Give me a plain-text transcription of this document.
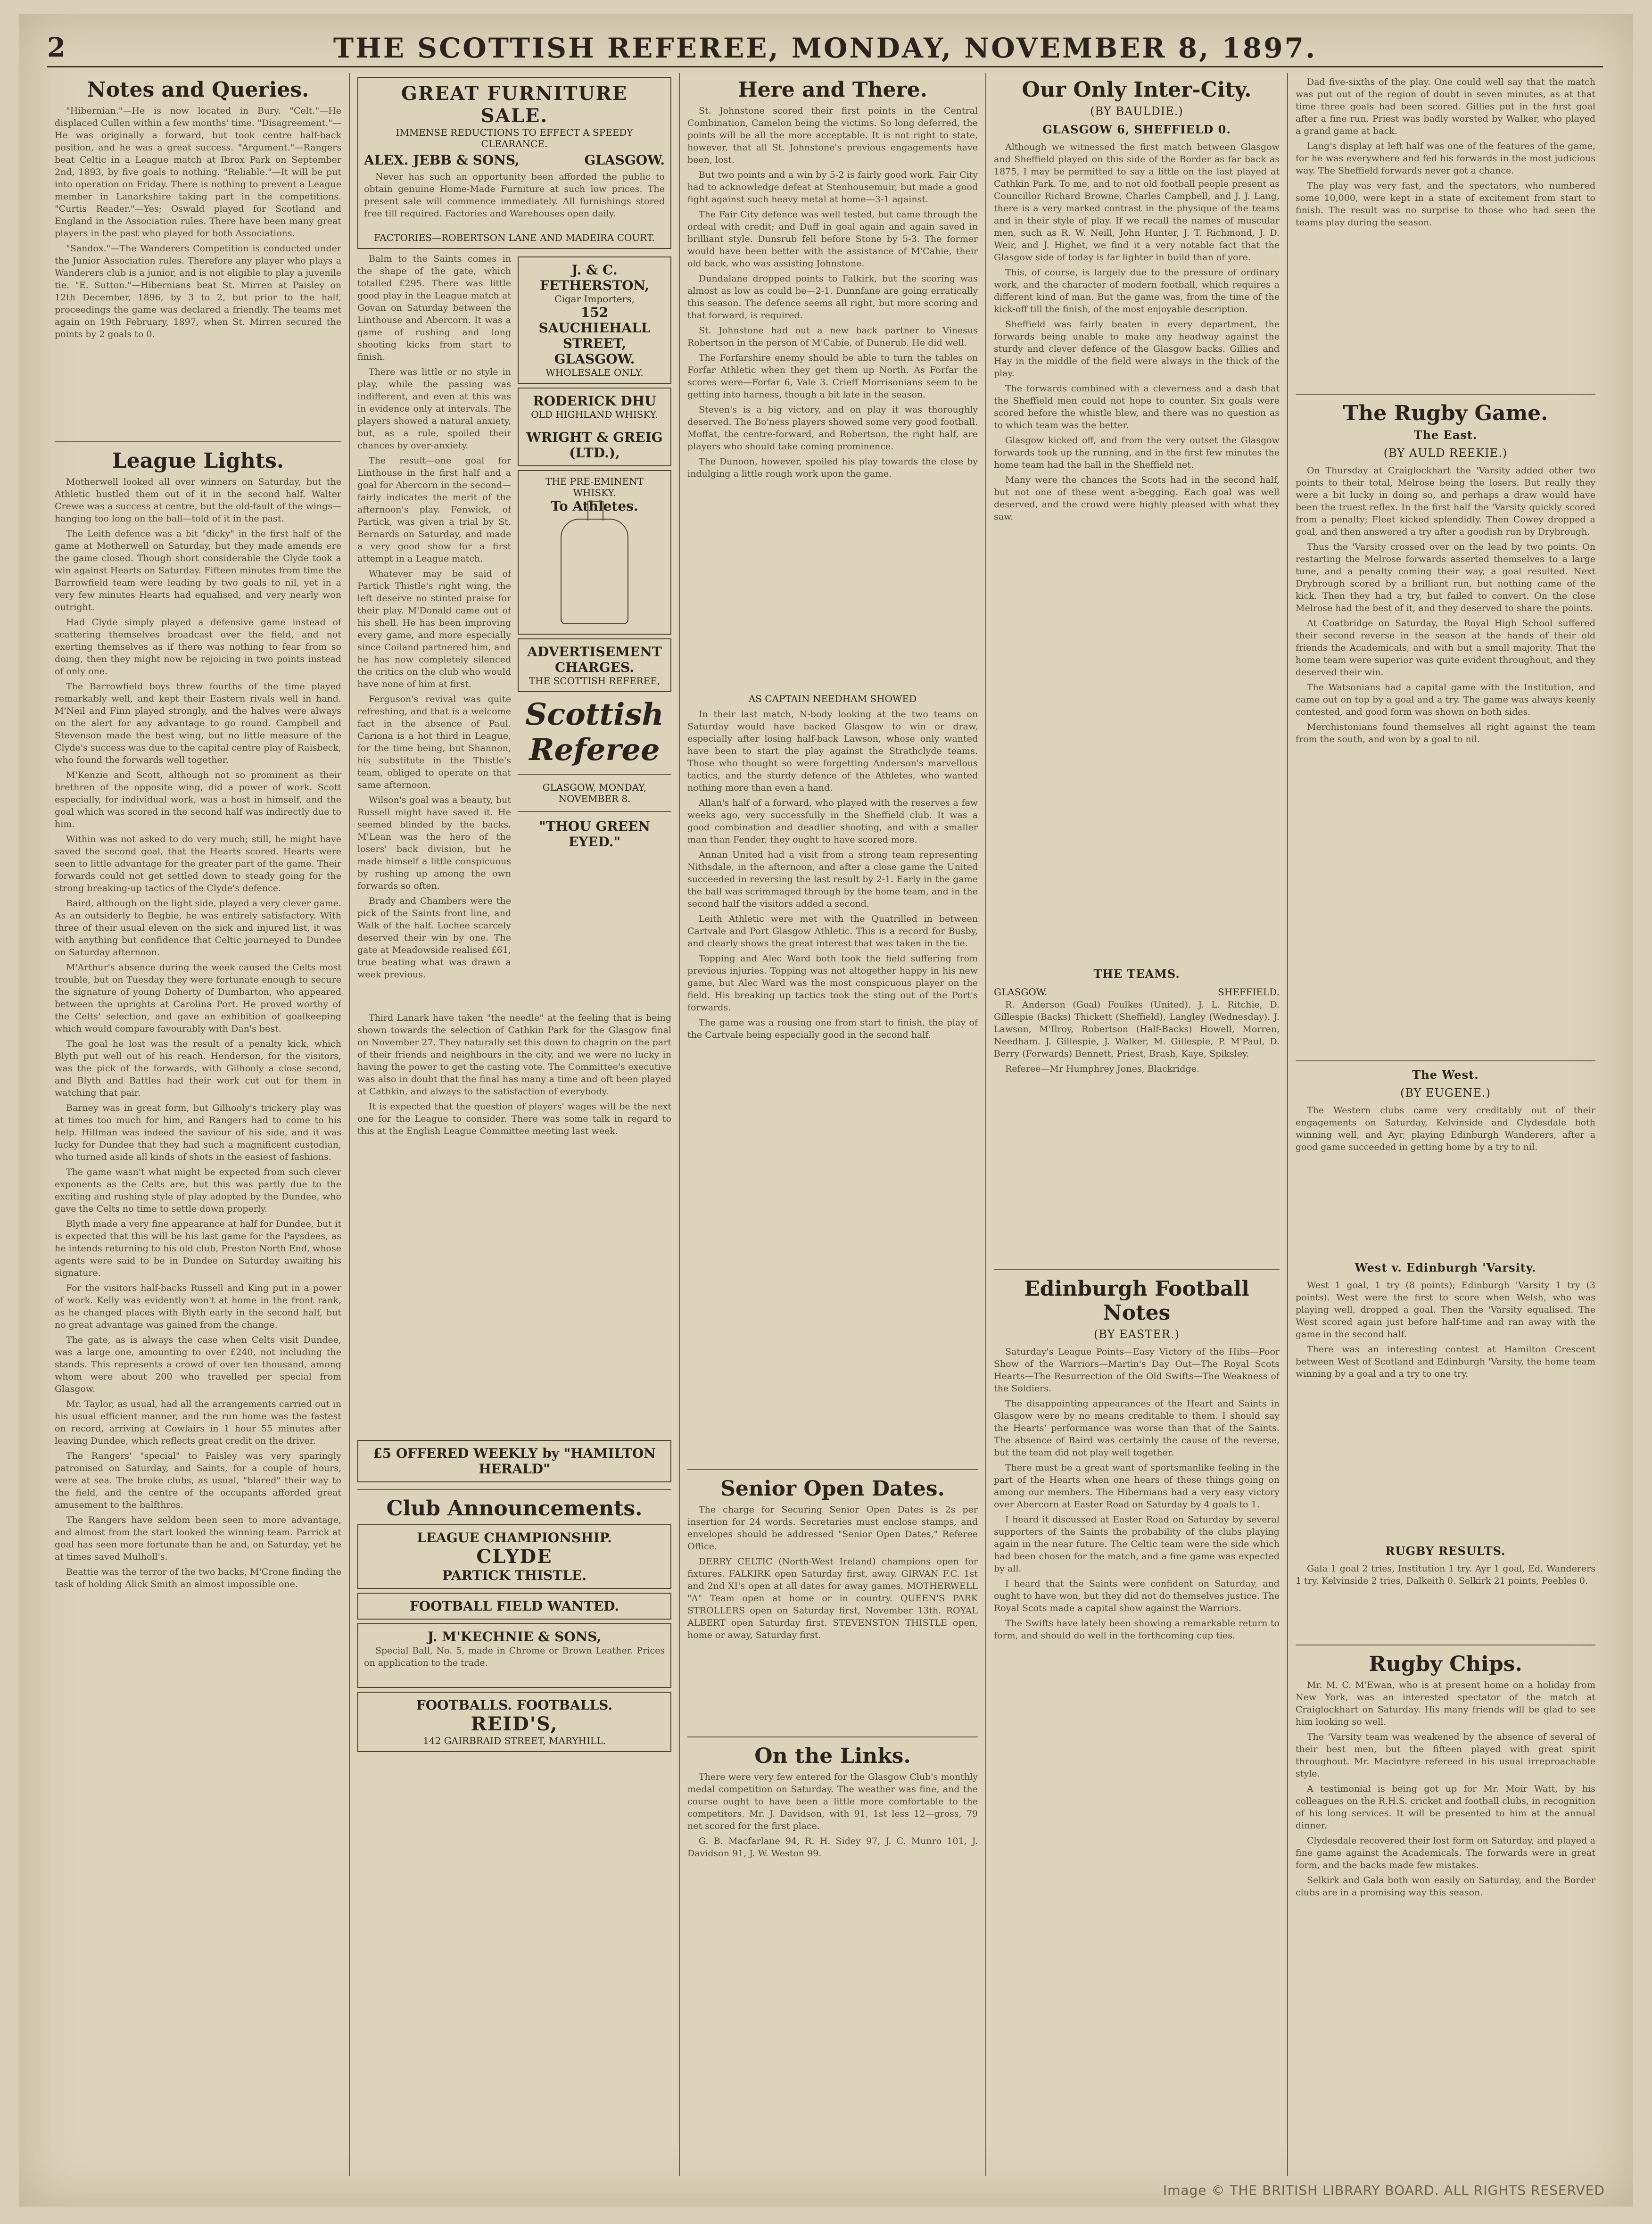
2	THE SCOTTISH REFEREE, MONDAY, NOVEMBER 8, 1897.
Notes and Queries.

"Hibernian."—He is now located in Bury. "Celt."—He displaced Cullen within a few months' time. "Disagreement."—He was originally a forward, but took centre half-back position, and he was a great success. "Argument."—Rangers beat Celtic in a League match at Ibrox Park on September 2nd, 1893, by five goals to nothing. "Reliable."—It will be put into operation on Friday. There is nothing to prevent a League member in Lanarkshire taking part in the competitions. "Curtis Reader."—Yes; Oswald played for Scotland and England in the Association rules. There have been many great players in the past who played for both Associations.

"Sandox."—The Wanderers Competition is conducted under the Junior Association rules. Therefore any player who plays a Wanderers club is a junior, and is not eligible to play a juvenile tie. "E. Sutton."—Hibernians beat St. Mirren at Paisley on 12th December, 1896, by 3 to 2, but prior to the half, proceedings the game was declared a friendly. The teams met again on 19th February, 1897, when St. Mirren secured the points by 2 goals to 0.

League Lights.

Motherwell looked all over winners on Saturday, but the Athletic hustled them out of it in the second half. Walter Crewe was a success at centre, but the old-fault of the wings—hanging too long on the ball—told of it in the past.

The Leith defence was a bit "dicky" in the first half of the game at Motherwell on Saturday, but they made amends ere the game closed. Though short considerable the Clyde took a win against Hearts on Saturday. Fifteen minutes from time the Barrowfield team were leading by two goals to nil, yet in a very few minutes Hearts had equalised, and very nearly won outright.

Had Clyde simply played a defensive game instead of scattering themselves broadcast over the field, and not exerting themselves as if there was nothing to fear from so doing, then they might now be rejoicing in two points instead of only one.

The Barrowfield boys threw fourths of the time played remarkably well, and kept their Eastern rivals well in hand. M'Neil and Finn played strongly, and the halves were always on the alert for any advantage to go round. Campbell and Stevenson made the best wing, but no little measure of the Clyde's success was due to the capital centre play of Raisbeck, who found the forwards well together.

M'Kenzie and Scott, although not so prominent as their brethren of the opposite wing, did a power of work. Scott especially, for individual work, was a host in himself, and the goal which was scored in the second half was indirectly due to him.

Within was not asked to do very much; still, he might have saved the second goal, that the Hearts scored. Hearts were seen to little advantage for the greater part of the game. Their forwards could not get settled down to steady going for the strong breaking-up tactics of the Clyde's defence.

Baird, although on the light side, played a very clever game. As an outsiderly to Begbie, he was entirely satisfactory. With three of their usual eleven on the sick and injured list, it was with anything but confidence that Celtic journeyed to Dundee on Saturday afternoon.

M'Arthur's absence during the week caused the Celts most trouble, but on Tuesday they were fortunate enough to secure the signature of young Doherty of Dumbarton, who appeared between the uprights at Carolina Port. He proved worthy of the Celts' selection, and gave an exhibition of goalkeeping which would compare favourably with Dan's best.

The goal he lost was the result of a penalty kick, which Blyth put well out of his reach. Henderson, for the visitors, was the pick of the forwards, with Gilhooly a close second, and Blyth and Battles had their work cut out for them in watching that pair.

Barney was in great form, but Gilhooly's trickery play was at times too much for him, and Rangers had to come to his help. Hillman was indeed the saviour of his side, and it was lucky for Dundee that they had such a magnificent custodian, who turned aside all kinds of shots in the easiest of fashions.

The game wasn't what might be expected from such clever exponents as the Celts are, but this was partly due to the exciting and rushing style of play adopted by the Dundee, who gave the Celts no time to settle down properly.

Blyth made a very fine appearance at half for Dundee, but it is expected that this will be his last game for the Paysdees, as he intends returning to his old club, Preston North End, whose agents were said to be in Dundee on Saturday awaiting his signature.

For the visitors half-backs Russell and King put in a power of work. Kelly was evidently won't at home in the front rank, as he changed places with Blyth early in the second half, but no great advantage was gained from the change.

The gate, as is always the case when Celts visit Dundee, was a large one, amounting to over £240, not including the stands. This represents a crowd of over ten thousand, among whom were about 200 who travelled per special from Glasgow.

Mr. Taylor, as usual, had all the arrangements carried out in his usual efficient manner, and the run home was the fastest on record, arriving at Cowlairs in 1 hour 55 minutes after leaving Dundee, which reflects great credit on the driver.

The Rangers' "special" to Paisley was very sparingly patronised on Saturday, and Saints, for a couple of hours, were at sea. The broke clubs, as usual, "blared" their way to the field, and the centre of the occupants afforded great amusement to the balfthros.

The Rangers have seldom been seen to more advantage, and almost from the start looked the winning team. Parrick at goal has seen more fortunate than he and, on Saturday, yet he at times saved Mulholl's.

Beattie was the terror of the two backs, M'Crone finding the task of holding Alick Smith an almost impossible one.

GREAT FURNITURE SALE.
IMMENSE REDUCTIONS TO EFFECT A SPEEDY CLEARANCE.
ALEX. JEBB & SONS,	GLASGOW.

Never has such an opportunity been afforded the public to obtain genuine Home-Made Furniture at such low prices. The present sale will commence immediately. All furnishings stored free till required. Factories and Warehouses open daily.

FACTORIES—ROBERTSON LANE AND MADEIRA COURT.

Balm to the Saints comes in the shape of the gate, which totalled £295. There was little good play in the League match at Govan on Saturday between the Linthouse and Abercorn. It was a game of rushing and long shooting kicks from start to finish.

There was little or no style in play, while the passing was indifferent, and even at this was in evidence only at intervals. The players showed a natural anxiety, but, as a rule, spoiled their chances by over-anxiety.

The result—one goal for Linthouse in the first half and a goal for Abercorn in the second—fairly indicates the merit of the afternoon's play. Fenwick, of Partick, was given a trial by St. Bernards on Saturday, and made a very good show for a first attempt in a League match.

Whatever may be said of Partick Thistle's right wing, the left deserve no stinted praise for their play. M'Donald came out of his shell. He has been improving every game, and more especially since Coiland partnered him, and he has now completely silenced the critics on the club who would have none of him at first.

Ferguson's revival was quite refreshing, and that is a welcome fact in the absence of Paul. Cariona is a hot third in League, for the time being, but Shannon, his substitute in the Thistle's team, obliged to operate on that same afternoon.

Wilson's goal was a beauty, but Russell might have saved it. He seemed blinded by the backs. M'Lean was the hero of the losers' back division, but he made himself a little conspicuous by rushing up among the own forwards so often.

Brady and Chambers were the pick of the Saints front line, and Walk of the half. Lochee scarcely deserved their win by one. The gate at Meadowside realised £61, true beating what was drawn a week previous.

J. & C. FETHERSTON,
Cigar Importers,
152 SAUCHIEHALL STREET,
GLASGOW.
WHOLESALE ONLY.
RODERICK DHU
OLD HIGHLAND WHISKY.
WRIGHT & GREIG (LTD.),
THE PRE-EMINENT WHISKY.
To Athletes.
ADVERTISEMENT CHARGES.
THE SCOTTISH REFEREE,
Scottish Referee
GLASGOW, MONDAY, NOVEMBER 8.
"THOU GREEN EYED."

Third Lanark have taken "the needle" at the feeling that is being shown towards the selection of Cathkin Park for the Glasgow final on November 27. They naturally set this down to chagrin on the part of their friends and neighbours in the city, and we were no lucky in having the power to get the casting vote. The Committee's executive was also in doubt that the final has many a time and oft been played at Cathkin, and always to the satisfaction of everybody.

It is expected that the question of players' wages will be the next one for the League to consider. There was some talk in regard to this at the English League Committee meeting last week.

£5 OFFERED WEEKLY by "HAMILTON HERALD"
Club Announcements.
LEAGUE CHAMPIONSHIP.
CLYDE
PARTICK THISTLE.
FOOTBALL FIELD WANTED.
J. M'KECHNIE & SONS,

Special Ball, No. 5, made in Chrome or Brown Leather. Prices on application to the trade.

FOOTBALLS. FOOTBALLS.
REID'S,
142 GAIRBRAID STREET, MARYHILL.
Here and There.

St. Johnstone scored their first points in the Central Combination, Camelon being the victims. So long deferred, the points will be all the more acceptable. It is not right to state, however, that all St. Johnstone's previous engagements have been, lost.

But two points and a win by 5-2 is fairly good work. Fair City had to acknowledge defeat at Stenhousemuir, but made a good fight against such heavy metal at home—3-1 against.

The Fair City defence was well tested, but came through the ordeal with credit; and Duff in goal again and again saved in brilliant style. Dunsrub fell before Stone by 5-3. The former would have been better with the assistance of M'Cahie, their old back, who was assisting Johnstone.

Dundalane dropped points to Falkirk, but the scoring was almost as low as could be—2-1. Dunnfane are going erratically this season. The defence seems all right, but more scoring and that forward, is required.

St. Johnstone had out a new back partner to Vinesus Robertson in the person of M'Cabie, of Dunerub. He did well.

The Forfarshire enemy should be able to turn the tables on Forfar Athletic when they get them up North. As Forfar the scores were—Forfar 6, Vale 3. Crieff Morrisonians seem to be getting into harness, though a bit late in the season.

Steven's is a big victory, and on play it was thoroughly deserved. The Bo'ness players showed some very good football. Moffat, the centre-forward, and Robertson, the right half, are players who should take coming prominence.

The Dunoon, however, spoiled his play towards the close by indulging a little rough work upon the game.

AS CAPTAIN NEEDHAM SHOWED

In their last match, N-body looking at the two teams on Saturday would have backed Glasgow to win or draw, especially after losing half-back Lawson, whose only wanted have been to start the play against the Strathclyde teams. Those who thought so were forgetting Anderson's marvellous tactics, and the sturdy defence of the Athletes, who wanted nothing more than even a hand.

Allan's half of a forward, who played with the reserves a few weeks ago, very successfully in the Sheffield club. It was a good combination and deadlier shooting, and with a smaller man than Fender, they ought to have scored more.

Annan United had a visit from a strong team representing Nithsdale, in the afternoon, and after a close game the United succeeded in reversing the last result by 2-1. Early in the game the ball was scrimmaged through by the home team, and in the second half the visitors added a second.

Leith Athletic were met with the Quatrilled in between Cartvale and Port Glasgow Athletic. This is a record for Busby, and clearly shows the great interest that was taken in the tie.

Topping and Alec Ward both took the field suffering from previous injuries. Topping was not altogether happy in his new game, but Alec Ward was the most conspicuous player on the field. His breaking up tactics took the sting out of the Port's forwards.

The game was a rousing one from start to finish, the play of the Cartvale being especially good in the second half.

Senior Open Dates.

The charge for Securing Senior Open Dates is 2s per insertion for 24 words. Secretaries must enclose stamps, and envelopes should be addressed "Senior Open Dates," Referee Office.

DERRY CELTIC (North-West Ireland) champions open for fixtures. FALKIRK open Saturday first, away. GIRVAN F.C. 1st and 2nd XI's open at all dates for away games. MOTHERWELL "A" Team open at home or in country. QUEEN'S PARK STROLLERS open on Saturday first, November 13th. ROYAL ALBERT open Saturday first. STEVENSTON THISTLE open, home or away, Saturday first.

On the Links.

There were very few entered for the Glasgow Club's monthly medal competition on Saturday. The weather was fine, and the course ought to have been a little more comfortable to the competitors. Mr. J. Davidson, with 91, 1st less 12—gross, 79 net scored for the first place.

G. B. Macfarlane 94, R. H. Sidey 97, J. C. Munro 101, J. Davidson 91, J. W. Weston 99.

Our Only Inter-City.
(BY BAULDIE.)
GLASGOW 6, SHEFFIELD 0.

Although we witnessed the first match between Glasgow and Sheffield played on this side of the Border as far back as 1875, I may be permitted to say a little on the last played at Cathkin Park. To me, and to not old football people present as Councillor Richard Browne, Charles Campbell, and J. J. Lang, there is a very marked contrast in the physique of the teams and in their style of play. If we recall the names of muscular men, such as R. W. Neill, John Hunter, J. T. Richmond, J. D. Weir, and J. Highet, we find it a very notable fact that the Glasgow side of today is far lighter in build than of yore.

This, of course, is largely due to the pressure of ordinary work, and the character of modern football, which requires a different kind of man. But the game was, from the time of the kick-off till the finish, of the most enjoyable description.

Sheffield was fairly beaten in every department, the forwards being unable to make any headway against the sturdy and clever defence of the Glasgow backs. Gillies and Hay in the middle of the field were always in the thick of the play.

The forwards combined with a cleverness and a dash that the Sheffield men could not hope to counter. Six goals were scored before the whistle blew, and there was no question as to which team was the better.

Glasgow kicked off, and from the very outset the Glasgow forwards took up the running, and in the first few minutes the home team had the ball in the Sheffield net.

Many were the chances the Scots had in the second half, but not one of these went a-begging. Each goal was well deserved, and the crowd were highly pleased with what they saw.

THE TEAMS.
GLASGOW.	SHEFFIELD.

R. Anderson (Goal) Foulkes (United). J. L. Ritchie, D. Gillespie (Backs) Thickett (Sheffield), Langley (Wednesday). J. Lawson, M'Ilroy, Robertson (Half-Backs) Howell, Morren, Needham. J. Gillespie, J. Walker, M. Gillespie, P. M'Paul, D. Berry (Forwards) Bennett, Priest, Brash, Kaye, Spiksley.

Referee—Mr Humphrey Jones, Blackridge.

Edinburgh Football Notes
(BY EASTER.)

Saturday's League Points—Easy Victory of the Hibs—Poor Show of the Warriors—Martin's Day Out—The Royal Scots Hearts—The Resurrection of the Old Swifts—The Weakness of the Soldiers.

The disappointing appearances of the Heart and Saints in Glasgow were by no means creditable to them. I should say the Hearts' performance was worse than that of the Saints. The absence of Baird was certainly the cause of the reverse, but the team did not play well together.

There must be a great want of sportsmanlike feeling in the part of the Hearts when one hears of these things going on among our members. The Hibernians had a very easy victory over Abercorn at Easter Road on Saturday by 4 goals to 1.

I heard it discussed at Easter Road on Saturday by several supporters of the Saints the probability of the clubs playing again in the near future. The Celtic team were the side which had been chosen for the match, and a fine game was expected by all.

I heard that the Saints were confident on Saturday, and ought to have won, but they did not do themselves justice. The Royal Scots made a capital show against the Warriors.

The Swifts have lately been showing a remarkable return to form, and should do well in the forthcoming cup ties.

Dad five-sixths of the play. One could well say that the match was put out of the region of doubt in seven minutes, as at that time three goals had been scored. Gillies put in the first goal after a fine run. Priest was badly worsted by Walker, who played a grand game at back.

Lang's display at left half was one of the features of the game, for he was everywhere and fed his forwards in the most judicious way. The Sheffield forwards never got a chance.

The play was very fast, and the spectators, who numbered some 10,000, were kept in a state of excitement from start to finish. The result was no surprise to those who had seen the teams play during the season.

The Rugby Game.
The East.
(BY AULD REEKIE.)

On Thursday at Craiglockhart the 'Varsity added other two points to their total, Melrose being the losers. But really they were a bit lucky in doing so, and perhaps a draw would have been the truest reflex. In the first half the 'Varsity quickly scored from a penalty; Fleet kicked splendidly. Then Cowey dropped a goal, and then answered a try after a goodish run by Drybrough.

Thus the 'Varsity crossed over on the lead by two points. On restarting the Melrose forwards asserted themselves to a large tune, and a penalty coming their way, a goal resulted. Next Drybrough scored by a brilliant run, but nothing came of the kick. Then they had a try, but failed to convert. On the close Melrose had the best of it, and they deserved to share the points.

At Coatbridge on Saturday, the Royal High School suffered their second reverse in the season at the hands of their old friends the Academicals, and with but a small majority. That the home team were superior was quite evident throughout, and they deserved their win.

The Watsonians had a capital game with the Institution, and came out on top by a goal and a try. The game was always keenly contested, and good form was shown on both sides.

Merchistonians found themselves all right against the team from the south, and won by a goal to nil.

The West.
(BY EUGENE.)

The Western clubs came very creditably out of their engagements on Saturday, Kelvinside and Clydesdale both winning well, and Ayr, playing Edinburgh Wanderers, after a good game succeeded in getting home by a try to nil.

West v. Edinburgh 'Varsity.

West 1 goal, 1 try (8 points); Edinburgh 'Varsity 1 try (3 points). West were the first to score when Welsh, who was playing well, dropped a goal. Then the 'Varsity equalised. The West scored again just before half-time and ran away with the game in the second half.

There was an interesting contest at Hamilton Crescent between West of Scotland and Edinburgh 'Varsity, the home team winning by a goal and a try to one try.

RUGBY RESULTS.

Gala 1 goal 2 tries, Institution 1 try. Ayr 1 goal, Ed. Wanderers 1 try. Kelvinside 2 tries, Dalkeith 0. Selkirk 21 points, Peebles 0.

Rugby Chips.

Mr. M. C. M'Ewan, who is at present home on a holiday from New York, was an interested spectator of the match at Craiglockhart on Saturday. His many friends will be glad to see him looking so well.

The 'Varsity team was weakened by the absence of several of their best men, but the fifteen played with great spirit throughout. Mr. Macintyre refereed in his usual irreproachable style.

A testimonial is being got up for Mr. Moir Watt, by his colleagues on the R.H.S. cricket and football clubs, in recognition of his long services. It will be presented to him at the annual dinner.

Clydesdale recovered their lost form on Saturday, and played a fine game against the Academicals. The forwards were in great form, and the backs made few mistakes.

Selkirk and Gala both won easily on Saturday, and the Border clubs are in a promising way this season.

Image © THE BRITISH LIBRARY BOARD. ALL RIGHTS RESERVED
